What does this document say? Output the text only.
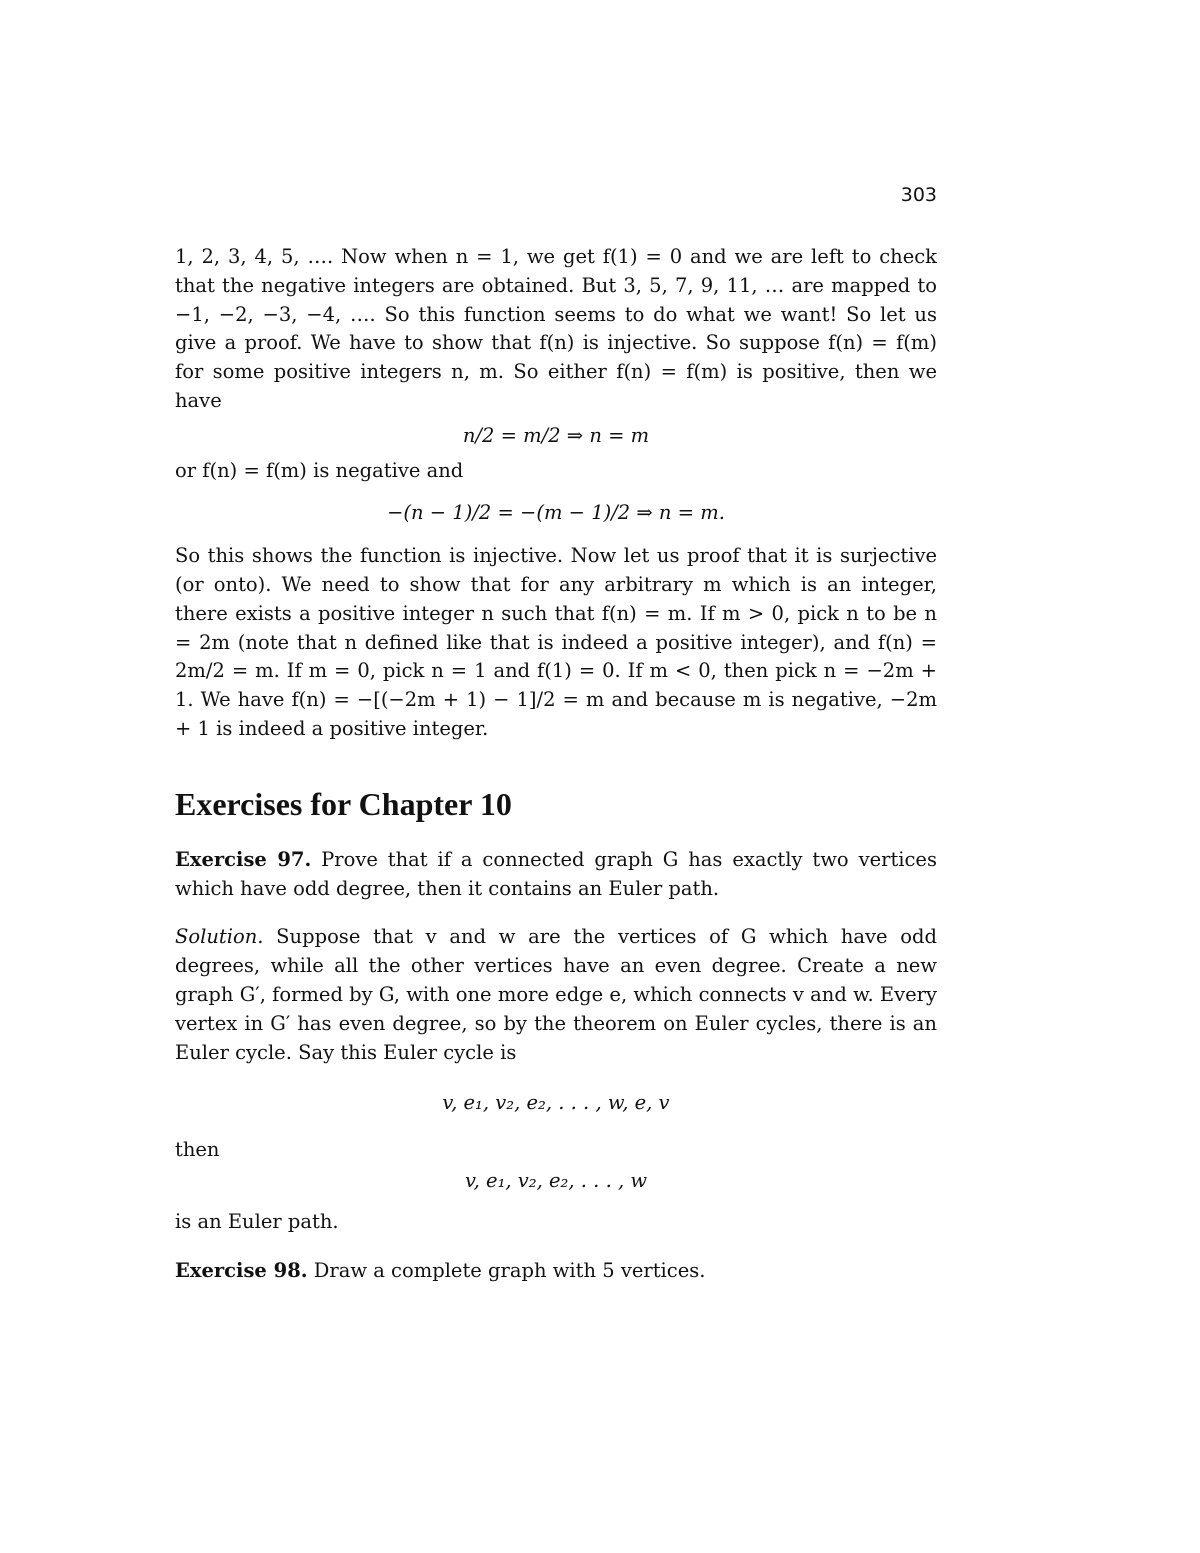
303

1, 2, 3, 4, 5, …. Now when n = 1, we get f(1) = 0 and we are left to check that the negative integers are obtained. But 3, 5, 7, 9, 11, … are mapped to −1, −2, −3, −4, …. So this function seems to do what we want! So let us give a proof. We have to show that f(n) is injective. So suppose f(n) = f(m) for some positive integers n, m. So either f(n) = f(m) is positive, then we have

n/2 = m/2 ⇒ n = m

or f(n) = f(m) is negative and

−(n − 1)/2 = −(m − 1)/2 ⇒ n = m.

So this shows the function is injective. Now let us proof that it is surjective (or onto). We need to show that for any arbitrary m which is an integer, there exists a positive integer n such that f(n) = m. If m > 0, pick n to be n = 2m (note that n defined like that is indeed a positive integer), and f(n) = 2m/2 = m. If m = 0, pick n = 1 and f(1) = 0. If m < 0, then pick n = −2m + 1. We have f(n) = −[(−2m + 1) − 1]/2 = m and because m is negative, −2m + 1 is indeed a positive integer.

Exercises for Chapter 10

Exercise 97. Prove that if a connected graph G has exactly two vertices which have odd degree, then it contains an Euler path.

Solution. Suppose that v and w are the vertices of G which have odd degrees, while all the other vertices have an even degree. Create a new graph G′, formed by G, with one more edge e, which connects v and w. Every vertex in G′ has even degree, so by the theorem on Euler cycles, there is an Euler cycle. Say this Euler cycle is

v, e₁, v₂, e₂, . . . , w, e, v

then

v, e₁, v₂, e₂, . . . , w

is an Euler path.

Exercise 98. Draw a complete graph with 5 vertices.
